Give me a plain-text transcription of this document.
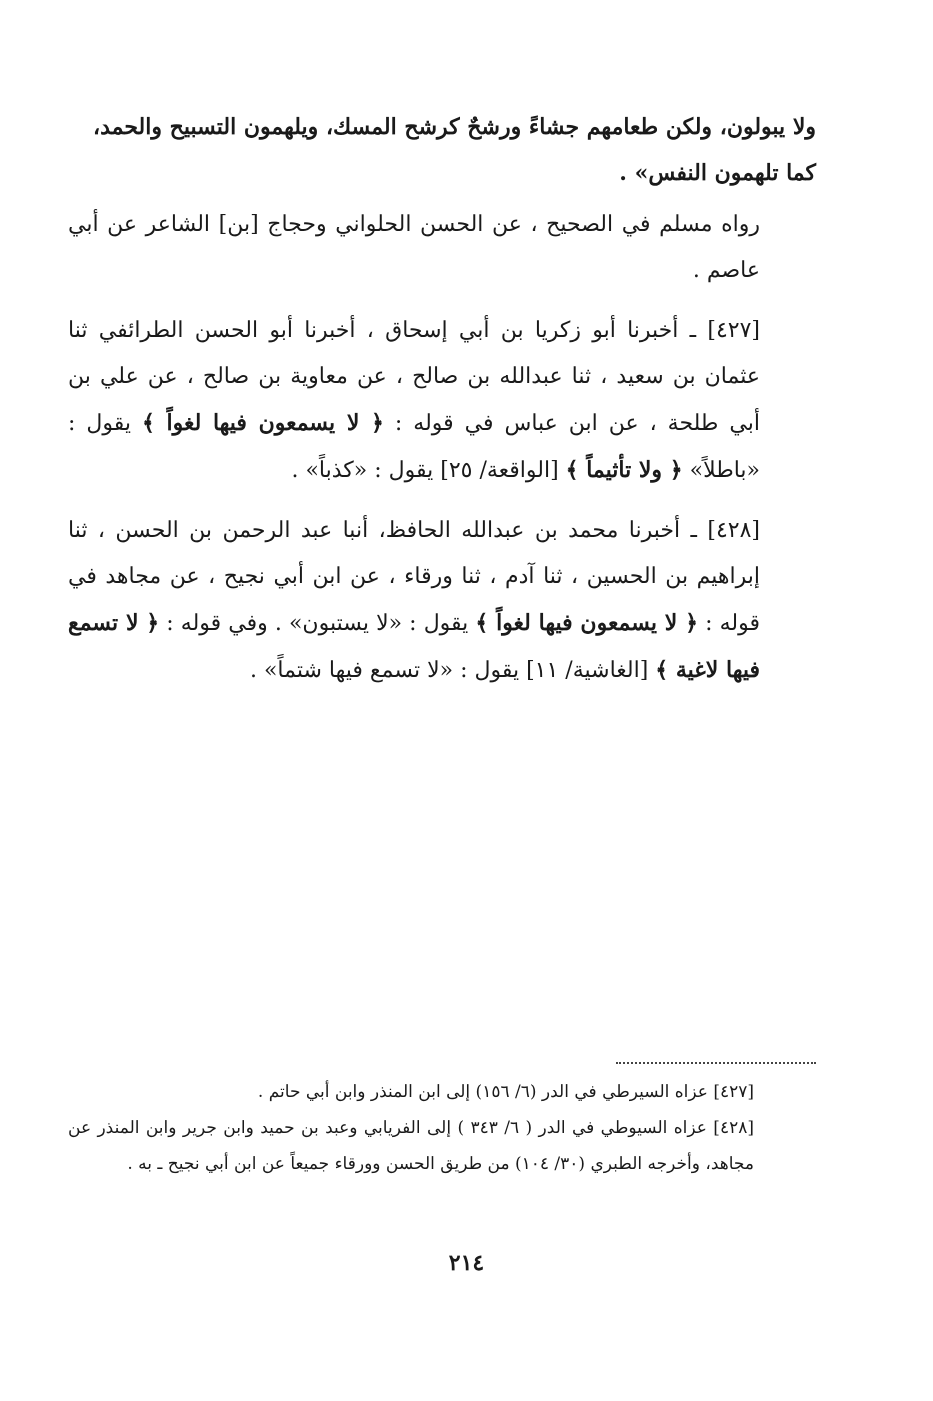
ولا يبولون، ولكن طعامهم جشاءً ورشحٌ كرشح المسك، ويلهمون التسبيح والحمد،
كما تلهمون النفس» .

رواه مسلم في الصحيح ، عن الحسن الحلواني وحجاج [بن] الشاعر عن أبي عاصم .

[٤٢٧] ـ أخبرنا أبو زكريا بن أبي إسحاق ، أخبرنا أبو الحسن الطرائفي ثنا عثمان بن سعيد ، ثنا عبدالله بن صالح ، عن معاوية بن صالح ، عن علي بن أبي طلحة ، عن ابن عباس في قوله : ﴿ لا يسمعون فيها لغواً ﴾ يقول : «باطلاً» ﴿ ولا تأثيماً ﴾ [الواقعة/ ٢٥] يقول : «كذباً» .

[٤٢٨] ـ أخبرنا محمد بن عبدالله الحافظ، أنبا عبد الرحمن بن الحسن ، ثنا إبراهيم بن الحسين ، ثنا آدم ، ثنا ورقاء ، عن ابن أبي نجيح ، عن مجاهد في قوله : ﴿ لا يسمعون فيها لغواً ﴾ يقول : «لا يستبون» . وفي قوله : ﴿ لا تسمع فيها لاغية ﴾ [الغاشية/ ١١] يقول : «لا تسمع فيها شتماً» .

[٤٢٧] عزاه السيرطي في الدر (٦/ ١٥٦) إلى ابن المنذر وابن أبي حاتم .

[٤٢٨] عزاه السيوطي في الدر ( ٦/ ٣٤٣ ) إلى الفريابي وعبد بن حميد وابن جرير وابن المنذر عن مجاهد، وأخرجه الطبري (٣٠/ ١٠٤) من طريق الحسن وورقاء جميعاً عن ابن أبي نجيح ـ به .

٢١٤
